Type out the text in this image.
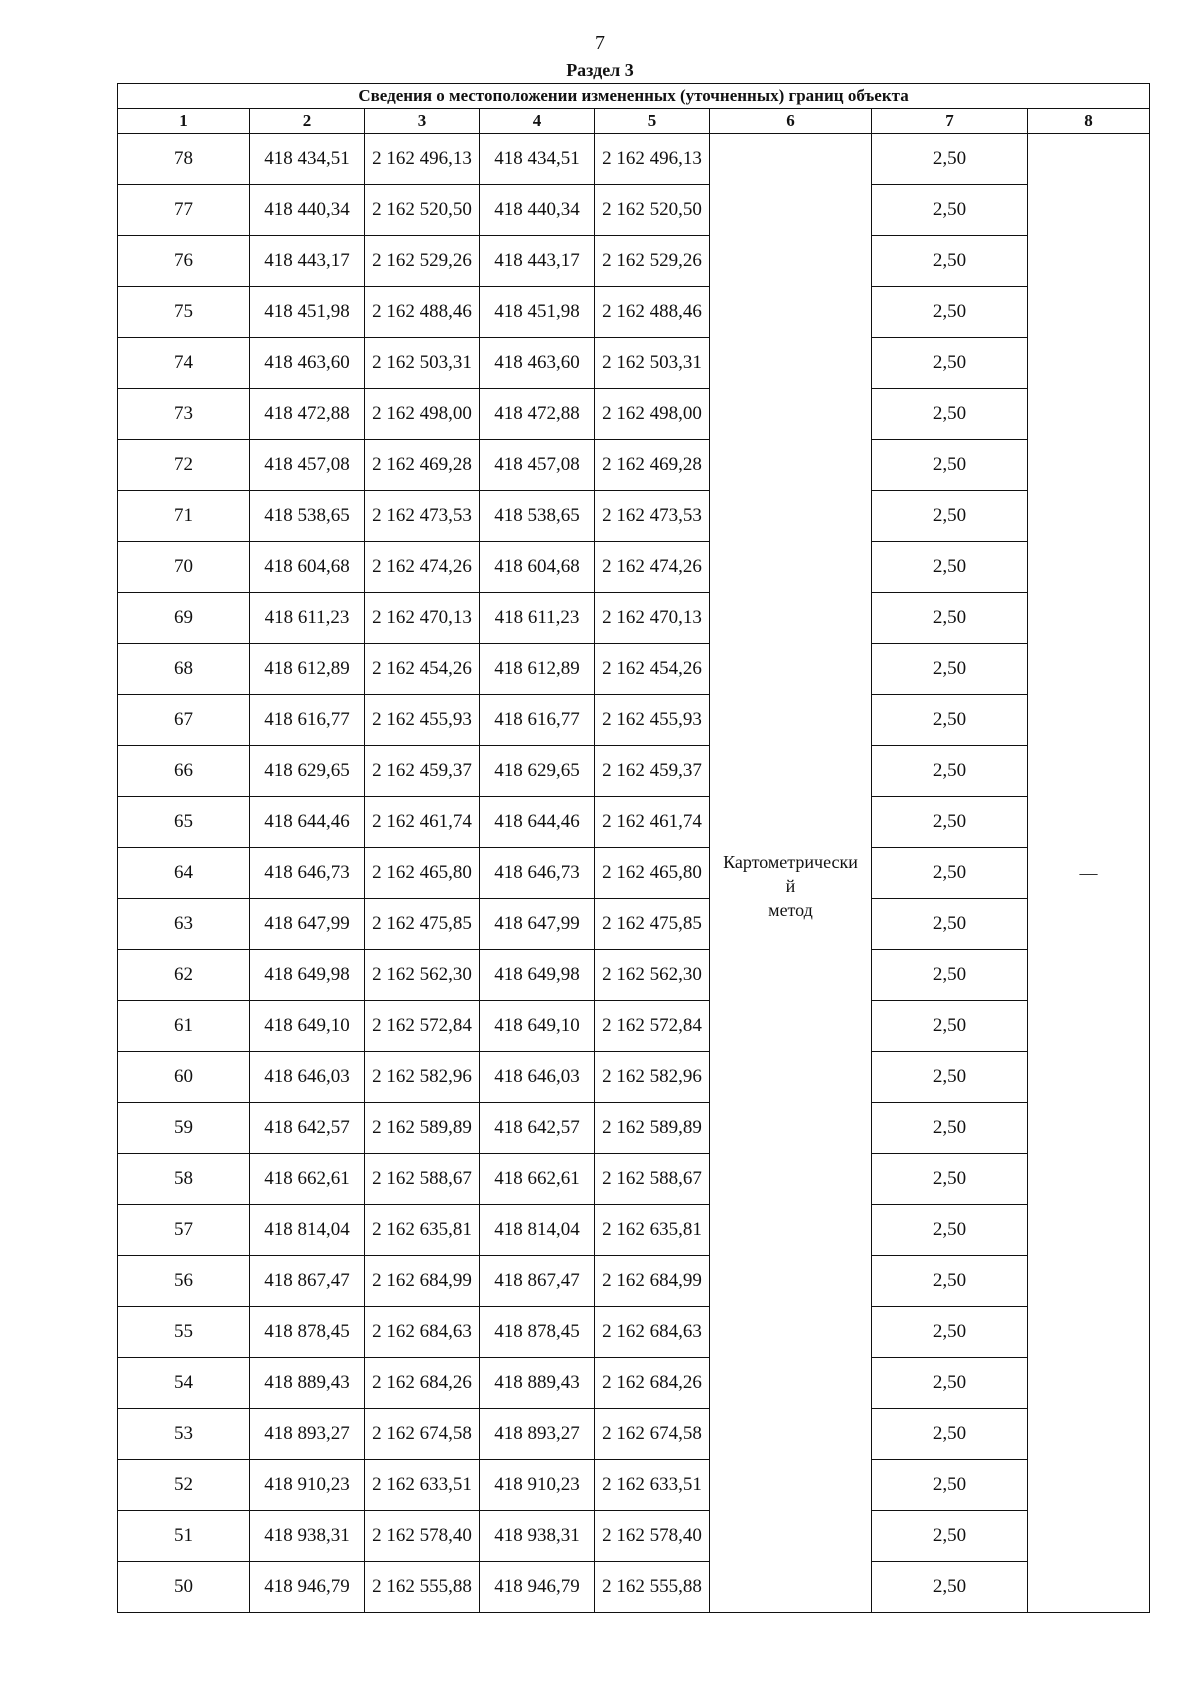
7
Раздел 3
Сведения о местоположении измененных (уточненных) границ объекта							
1	2	3	4	5	6	7	8
78	418 434,51	2 162 496,13	418 434,51	2 162 496,13	Картометрически
й
метод	2,50	—
77	418 440,34	2 162 520,50	418 440,34	2 162 520,50		2,50	
76	418 443,17	2 162 529,26	418 443,17	2 162 529,26		2,50	
75	418 451,98	2 162 488,46	418 451,98	2 162 488,46		2,50	
74	418 463,60	2 162 503,31	418 463,60	2 162 503,31		2,50	
73	418 472,88	2 162 498,00	418 472,88	2 162 498,00		2,50	
72	418 457,08	2 162 469,28	418 457,08	2 162 469,28		2,50	
71	418 538,65	2 162 473,53	418 538,65	2 162 473,53		2,50	
70	418 604,68	2 162 474,26	418 604,68	2 162 474,26		2,50	
69	418 611,23	2 162 470,13	418 611,23	2 162 470,13		2,50	
68	418 612,89	2 162 454,26	418 612,89	2 162 454,26		2,50	
67	418 616,77	2 162 455,93	418 616,77	2 162 455,93		2,50	
66	418 629,65	2 162 459,37	418 629,65	2 162 459,37		2,50	
65	418 644,46	2 162 461,74	418 644,46	2 162 461,74		2,50	
64	418 646,73	2 162 465,80	418 646,73	2 162 465,80		2,50	
63	418 647,99	2 162 475,85	418 647,99	2 162 475,85		2,50	
62	418 649,98	2 162 562,30	418 649,98	2 162 562,30		2,50	
61	418 649,10	2 162 572,84	418 649,10	2 162 572,84		2,50	
60	418 646,03	2 162 582,96	418 646,03	2 162 582,96		2,50	
59	418 642,57	2 162 589,89	418 642,57	2 162 589,89		2,50	
58	418 662,61	2 162 588,67	418 662,61	2 162 588,67		2,50	
57	418 814,04	2 162 635,81	418 814,04	2 162 635,81		2,50	
56	418 867,47	2 162 684,99	418 867,47	2 162 684,99		2,50	
55	418 878,45	2 162 684,63	418 878,45	2 162 684,63		2,50	
54	418 889,43	2 162 684,26	418 889,43	2 162 684,26		2,50	
53	418 893,27	2 162 674,58	418 893,27	2 162 674,58		2,50	
52	418 910,23	2 162 633,51	418 910,23	2 162 633,51		2,50	
51	418 938,31	2 162 578,40	418 938,31	2 162 578,40		2,50	
50	418 946,79	2 162 555,88	418 946,79	2 162 555,88		2,50	
